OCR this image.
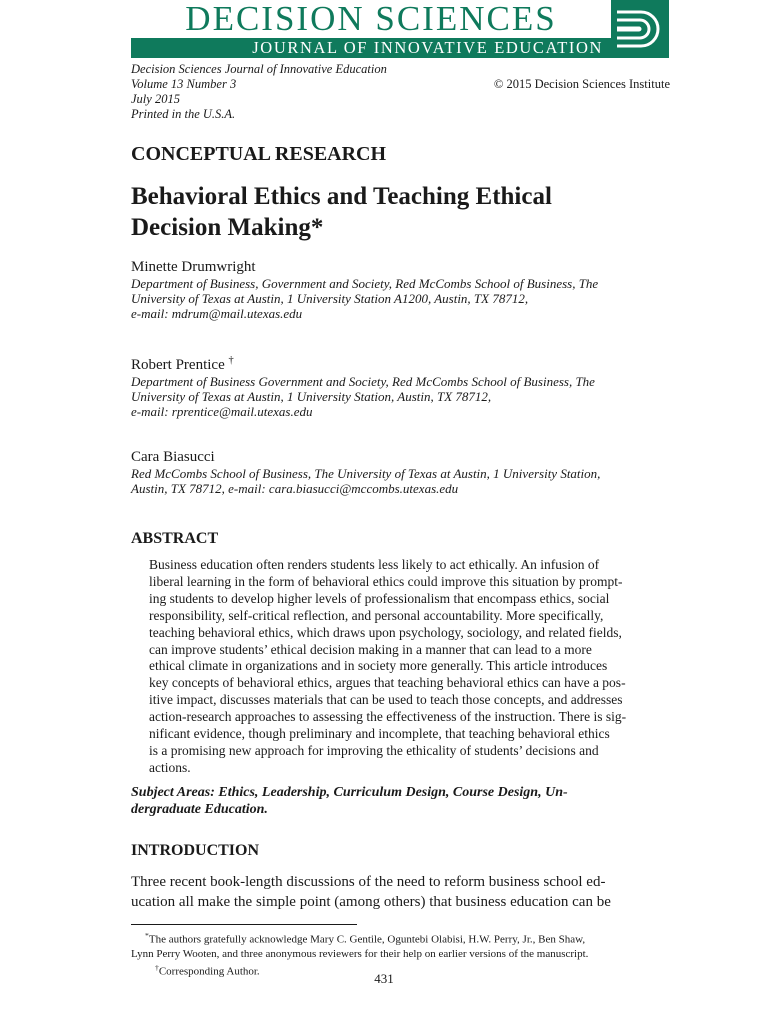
DECISION SCIENCES
JOURNAL OF INNOVATIVE EDUCATION
Decision Sciences Journal of Innovative Education
Volume 13 Number 3
July 2015
Printed in the U.S.A.
© 2015 Decision Sciences Institute
CONCEPTUAL RESEARCH
Behavioral Ethics and Teaching Ethical
Decision Making*
Minette Drumwright
Department of Business, Government and Society, Red McCombs School of Business, The
University of Texas at Austin, 1 University Station A1200, Austin, TX 78712,
e-mail: mdrum@mail.utexas.edu
Robert Prentice †
Department of Business Government and Society, Red McCombs School of Business, The
University of Texas at Austin, 1 University Station, Austin, TX 78712,
e-mail: rprentice@mail.utexas.edu
Cara Biasucci
Red McCombs School of Business, The University of Texas at Austin, 1 University Station,
Austin, TX 78712, e-mail: cara.biasucci@mccombs.utexas.edu
ABSTRACT
Business education often renders students less likely to act ethically. An infusion of
liberal learning in the form of behavioral ethics could improve this situation by prompt-
ing students to develop higher levels of professionalism that encompass ethics, social
responsibility, self-critical reflection, and personal accountability. More specifically,
teaching behavioral ethics, which draws upon psychology, sociology, and related fields,
can improve students’ ethical decision making in a manner that can lead to a more
ethical climate in organizations and in society more generally. This article introduces
key concepts of behavioral ethics, argues that teaching behavioral ethics can have a pos-
itive impact, discusses materials that can be used to teach those concepts, and addresses
action-research approaches to assessing the effectiveness of the instruction. There is sig-
nificant evidence, though preliminary and incomplete, that teaching behavioral ethics
is a promising new approach for improving the ethicality of students’ decisions and
actions.
Subject Areas: Ethics, Leadership, Curriculum Design, Course Design, Un-
dergraduate Education.
INTRODUCTION
Three recent book-length discussions of the need to reform business school ed-
ucation all make the simple point (among others) that business education can be
*The authors gratefully acknowledge Mary C. Gentile, Oguntebi Olabisi, H.W. Perry, Jr., Ben Shaw,
Lynn Perry Wooten, and three anonymous reviewers for their help on earlier versions of the manuscript.
†Corresponding Author.	431
